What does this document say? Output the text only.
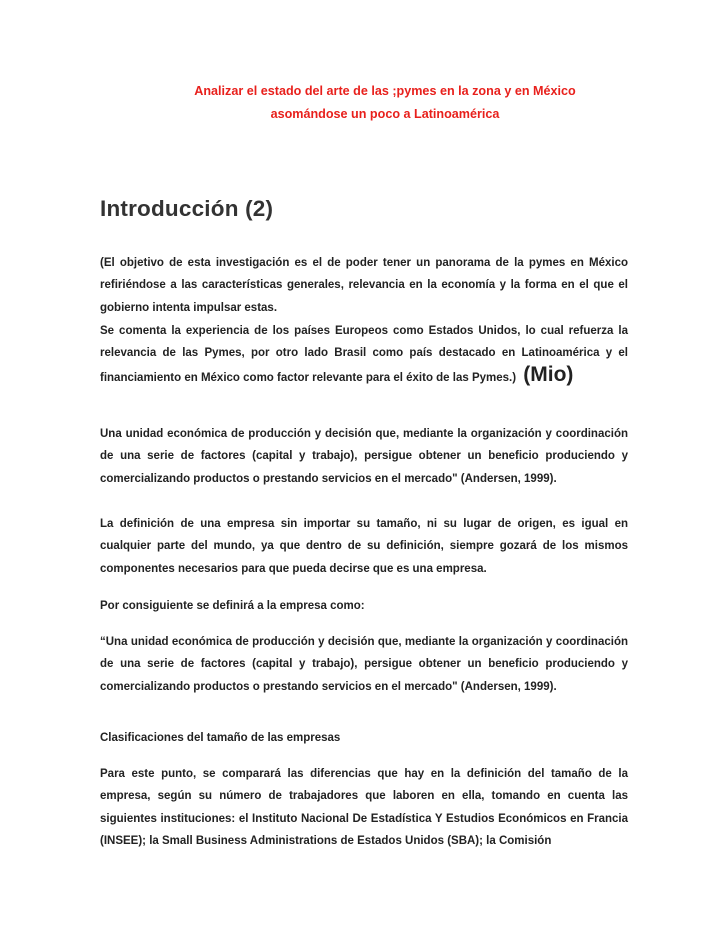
Analizar el estado del arte de las ;pymes en la zona y en México
asomándose un poco a Latinoamérica
Introducción (2)

(El objetivo de esta investigación es el de poder tener un panorama de la pymes en México refiriéndose a las características generales, relevancia en la economía y la forma en el que el gobierno intenta impulsar estas.

Se comenta la experiencia de los países Europeos como Estados Unidos, lo cual refuerza la relevancia de las Pymes, por otro lado Brasil como país destacado en Latinoamérica y el financiamiento en México como factor relevante para el éxito de las Pymes.) (Mio)

Una unidad económica de producción y decisión que, mediante la organización y coordinación de una serie de factores (capital y trabajo), persigue obtener un beneficio produciendo y comercializando productos o prestando servicios en el mercado" (Andersen, 1999).

La definición de una empresa sin importar su tamaño, ni su lugar de origen, es igual en cualquier parte del mundo, ya que dentro de su definición, siempre gozará de los mismos componentes necesarios para que pueda decirse que es una empresa.

Por consiguiente se definirá a la empresa como:

“Una unidad económica de producción y decisión que, mediante la organización y coordinación de una serie de factores (capital y trabajo), persigue obtener un beneficio produciendo y comercializando productos o prestando servicios en el mercado" (Andersen, 1999).

Clasificaciones del tamaño de las empresas

Para este punto, se comparará las diferencias que hay en la definición del tamaño de la empresa, según su número de trabajadores que laboren en ella, tomando en cuenta las siguientes instituciones: el Instituto Nacional De Estadística Y Estudios Económicos en Francia (INSEE); la Small Business Administrations de Estados Unidos (SBA); la Comisión
